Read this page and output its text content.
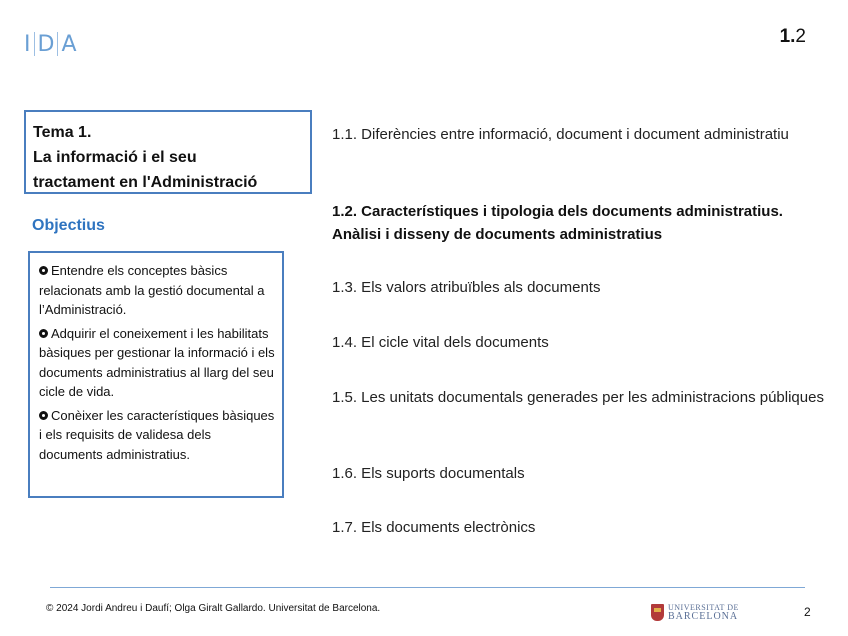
I D A	1.2
Tema 1.
La informació i el seu
tractament en l'Administració
Objectius
Entendre els conceptes bàsics relacionats amb la gestió documental a l’Administració.
Adquirir el coneixement i les habilitats bàsiques per gestionar la informació i els documents administratius al llarg del seu cicle de vida.
Conèixer les característiques bàsiques i els requisits de validesa dels documents administratius.
1.1. Diferències entre informació, document i document administratiu
1.2. Característiques i tipologia dels documents administratius. Anàlisi i disseny de documents administratius
1.3. Els valors atribuïbles als documents
1.4. El cicle vital dels documents
1.5. Les unitats documentals generades per les administracions públiques
1.6. Els suports documentals
1.7. Els documents electrònics
© 2024 Jordi Andreu i Daufí; Olga Giralt Gallardo. Universitat de Barcelona.	UNIVERSITAT DE
BARCELONA	2
